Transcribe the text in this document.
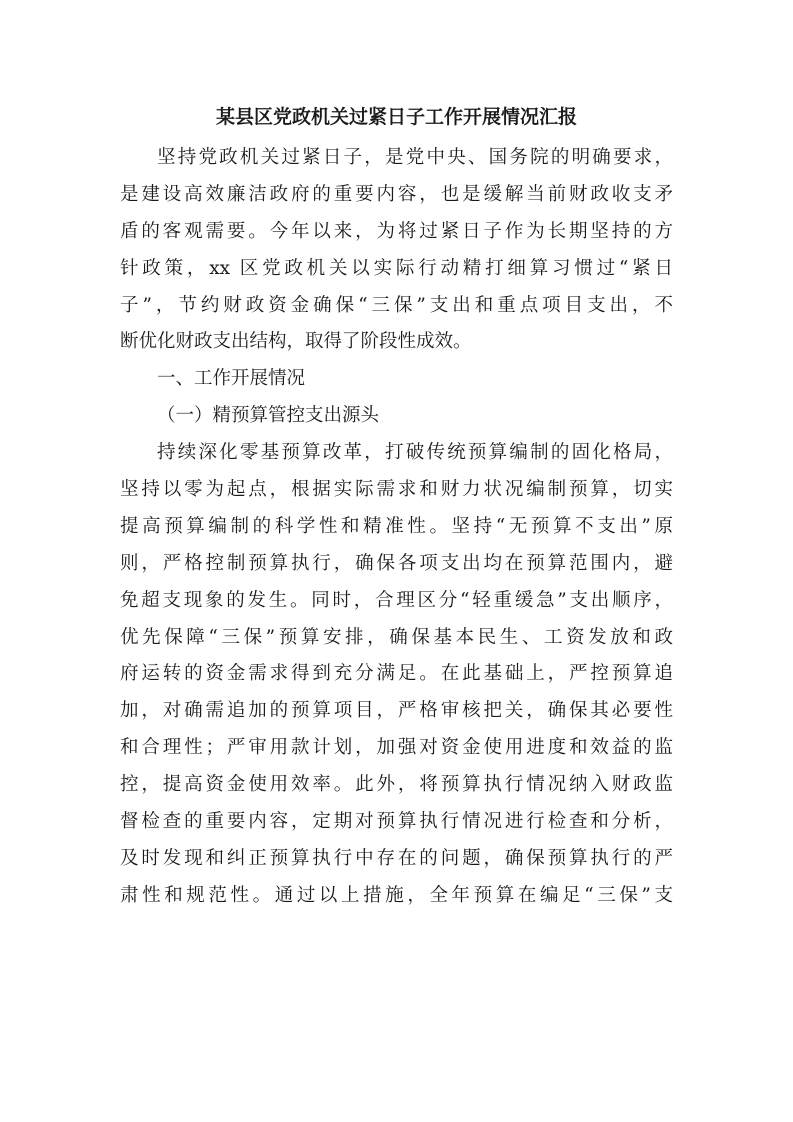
某县区党政机关过紧日子工作开展情况汇报
坚持党政机关过紧日子，是党中央、国务院的明确要求，
是建设高效廉洁政府的重要内容，也是缓解当前财政收支矛
盾的客观需要。今年以来，为将过紧日子作为长期坚持的方
针政策，xx 区党政机关以实际行动精打细算习惯过“紧日
子”，节约财政资金确保“三保”支出和重点项目支出，不
断优化财政支出结构，取得了阶段性成效。
一、工作开展情况
（一）精预算管控支出源头
持续深化零基预算改革，打破传统预算编制的固化格局，
坚持以零为起点，根据实际需求和财力状况编制预算，切实
提高预算编制的科学性和精准性。坚持“无预算不支出”原
则，严格控制预算执行，确保各项支出均在预算范围内，避
免超支现象的发生。同时，合理区分“轻重缓急”支出顺序，
优先保障“三保”预算安排，确保基本民生、工资发放和政
府运转的资金需求得到充分满足。在此基础上，严控预算追
加，对确需追加的预算项目，严格审核把关，确保其必要性
和合理性；严审用款计划，加强对资金使用进度和效益的监
控，提高资金使用效率。此外，将预算执行情况纳入财政监
督检查的重要内容，定期对预算执行情况进行检查和分析，
及时发现和纠正预算执行中存在的问题，确保预算执行的严
肃性和规范性。通过以上措施，全年预算在编足“三保”支
